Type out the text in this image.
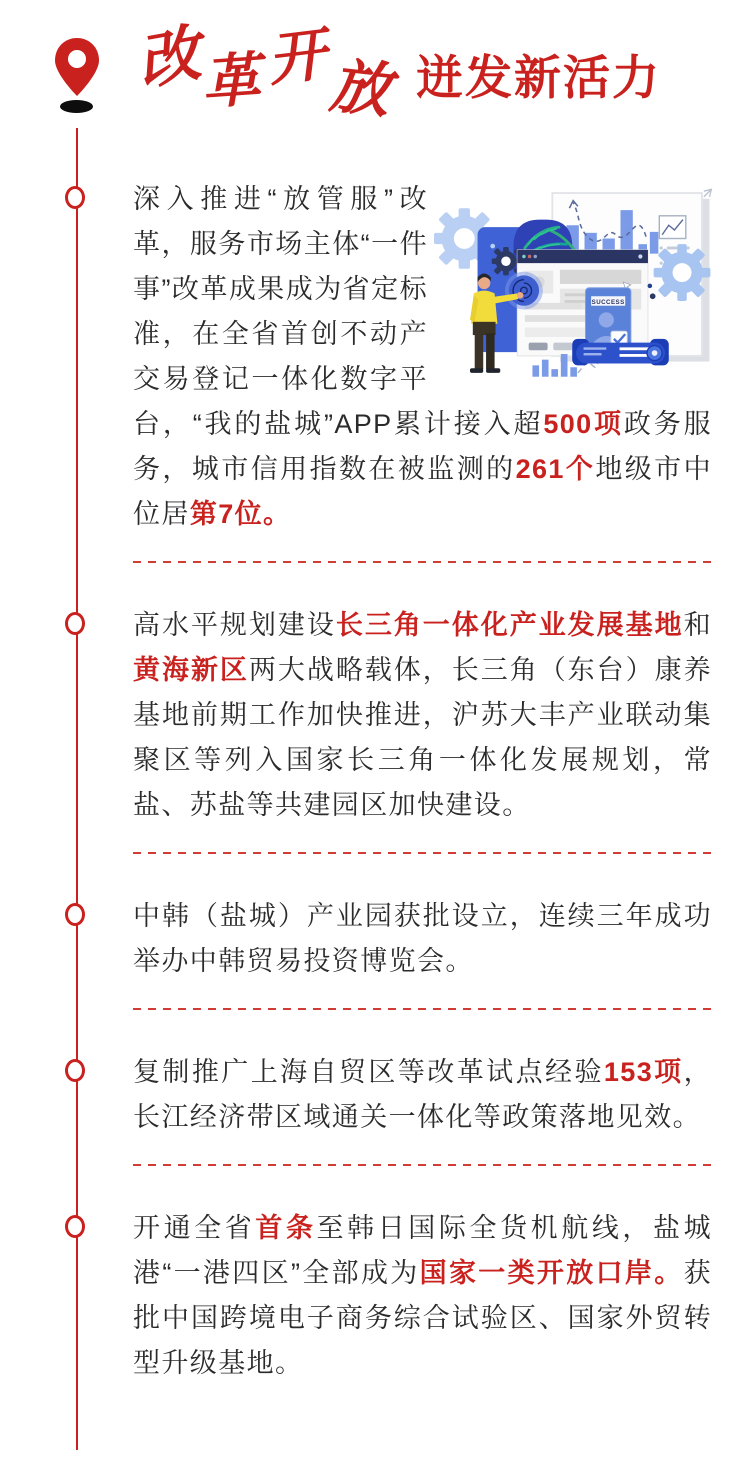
改革开放 迸发新活力

SUCCESS
深入推进“放管服”改革，服务市场主体“一件事”改革成果成为省定标准，在全省首创不动产交易登记一体化数字平台，“我的盐城”APP累计接入超500项政务服务，城市信用指数在被监测的261个地级市中位居第7位。

高水平规划建设长三角一体化产业发展基地和黄海新区两大战略载体，长三角（东台）康养基地前期工作加快推进，沪苏大丰产业联动集聚区等列入国家长三角一体化发展规划，常盐、苏盐等共建园区加快建设。

中韩（盐城）产业园获批设立，连续三年成功举办中韩贸易投资博览会。

复制推广上海自贸区等改革试点经验153项，长江经济带区域通关一体化等政策落地见效。

开通全省首条至韩日国际全货机航线，盐城港“一港四区”全部成为国家一类开放口岸。获批中国跨境电子商务综合试验区、国家外贸转型升级基地。
